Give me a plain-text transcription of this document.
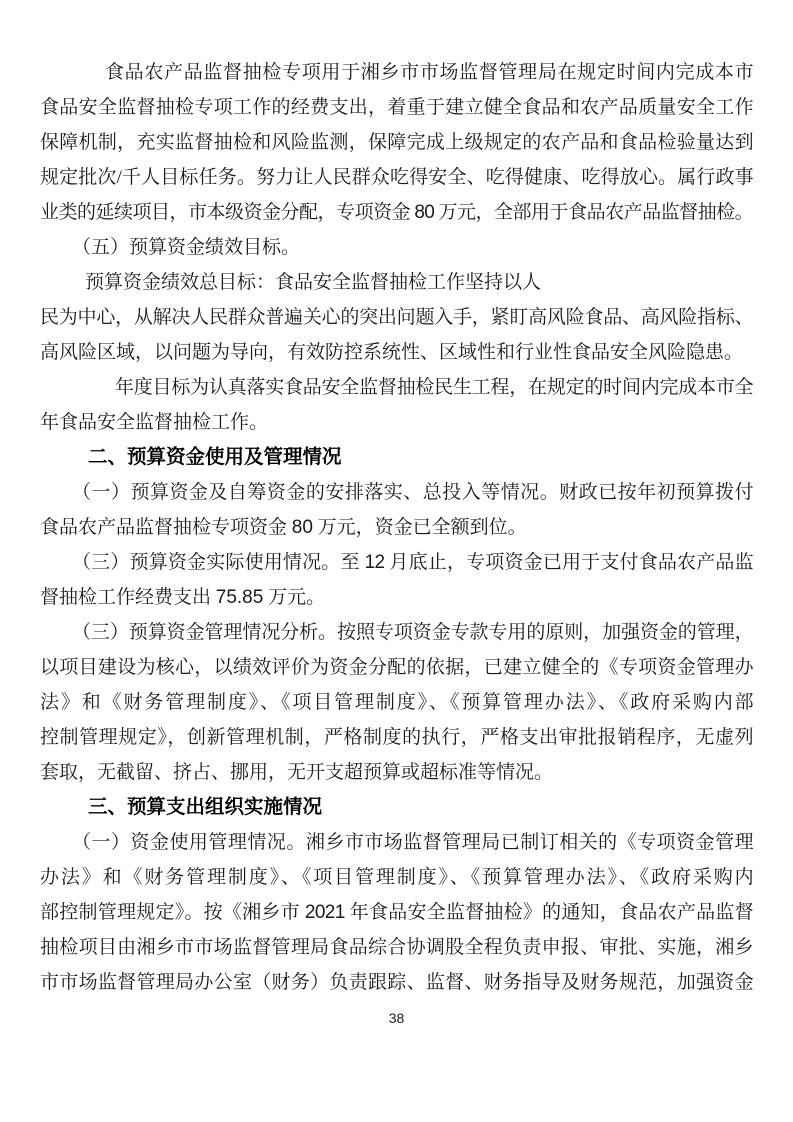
食品农产品监督抽检专项用于湘乡市市场监督管理局在规定时间内完成本市
食品安全监督抽检专项工作的经费支出，着重于建立健全食品和农产品质量安全工作
保障机制，充实监督抽检和风险监测，保障完成上级规定的农产品和食品检验量达到
规定批次/千人目标任务。努力让人民群众吃得安全、吃得健康、吃得放心。属行政事
业类的延续项目，市本级资金分配，专项资金 80 万元，全部用于食品农产品监督抽检。
（五）预算资金绩效目标。
预算资金绩效总目标：食品安全监督抽检工作坚持以人
民为中心，从解决人民群众普遍关心的突出问题入手，紧盯高风险食品、高风险指标、
高风险区域，以问题为导向，有效防控系统性、区域性和行业性食品安全风险隐患。
年度目标为认真落实食品安全监督抽检民生工程，在规定的时间内完成本市全
年食品安全监督抽检工作。
二、预算资金使用及管理情况
（一）预算资金及自筹资金的安排落实、总投入等情况。财政已按年初预算拨付
食品农产品监督抽检专项资金 80 万元，资金已全额到位。
（三）预算资金实际使用情况。至 12 月底止，专项资金已用于支付食品农产品监
督抽检工作经费支出 75.85 万元。
（三）预算资金管理情况分析。按照专项资金专款专用的原则，加强资金的管理，
以项目建设为核心，以绩效评价为资金分配的依据，已建立健全的《专项资金管理办
法》和《财务管理制度》、《项目管理制度》、《预算管理办法》、《政府采购内部
控制管理规定》，创新管理机制，严格制度的执行，严格支出审批报销程序，无虚列
套取，无截留、挤占、挪用，无开支超预算或超标准等情况。
三、预算支出组织实施情况
（一）资金使用管理情况。湘乡市市场监督管理局已制订相关的《专项资金管理
办法》和《财务管理制度》、《项目管理制度》、《预算管理办法》、《政府采购内
部控制管理规定》。按《湘乡市 2021 年食品安全监督抽检》的通知，食品农产品监督
抽检项目由湘乡市市场监督管理局食品综合协调股全程负责申报、审批、实施，湘乡
市市场监督管理局办公室（财务）负责跟踪、监督、财务指导及财务规范，加强资金
38
